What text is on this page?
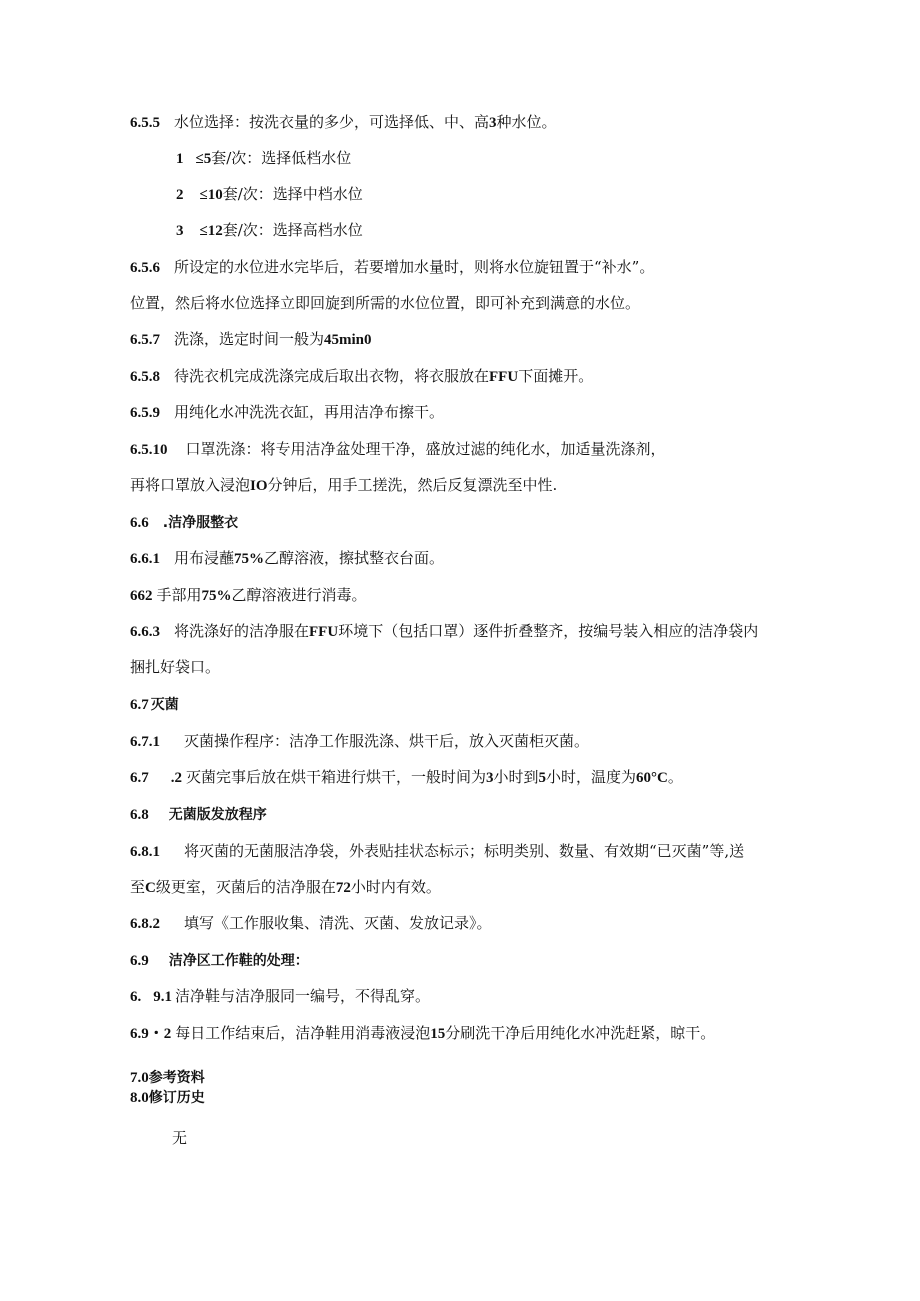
6.5.5 水位选择：按洗衣量的多少，可选择低、中、高3种水位。

1 ≤5套/次：选择低档水位

2 ≤10套/次：选择中档水位

3 ≤12套/次：选择高档水位

6.5.6 所设定的水位进水完毕后，若要增加水量时，则将水位旋钮置于“补水”。

位置，然后将水位选择立即回旋到所需的水位位置，即可补充到满意的水位。

6.5.7 洗涤，选定时间一般为45min0

6.5.8 待洗衣机完成洗涤完成后取出衣物，将衣服放在FFU下面摊开。

6.5.9 用纯化水冲洗洗衣缸，再用洁净布擦干。

6.5.10 口罩洗涤：将专用洁净盆处理干净，盛放过滤的纯化水，加适量洗涤剂，

再将口罩放入浸泡IO分钟后，用手工搓洗，然后反复漂洗至中性.

6.6 .洁净服整衣

6.6.1 用布浸蘸75%乙醇溶液，擦拭整衣台面。

662 手部用75%乙醇溶液进行消毒。

6.6.3 将洗涤好的洁净服在FFU环境下（包括口罩）逐件折叠整齐，按编号装入相应的洁净袋内

捆扎好袋口。

6.7 灭菌

6.7.1 灭菌操作程序：洁净工作服洗涤、烘干后，放入灭菌柜灭菌。

6.7 .2 灭菌完事后放在烘干箱进行烘干，一般时间为3小时到5小时，温度为60°C。

6.8 无菌版发放程序

6.8.1 将灭菌的无菌服洁净袋，外表贴挂状态标示；标明类别、数量、有效期“已灭菌”等,送

至C级更室，灭菌后的洁净服在72小时内有效。

6.8.2 填写《工作服收集、清洗、灭菌、发放记录》。

6.9 洁净区工作鞋的处理：

6. 9.1 洁净鞋与洁净服同一编号，不得乱穿。

6.9・2 每日工作结束后，洁净鞋用消毒液浸泡15分刷洗干净后用纯化水冲洗赶紧，晾干。

7.0参考资料

8.0修订历史

无
